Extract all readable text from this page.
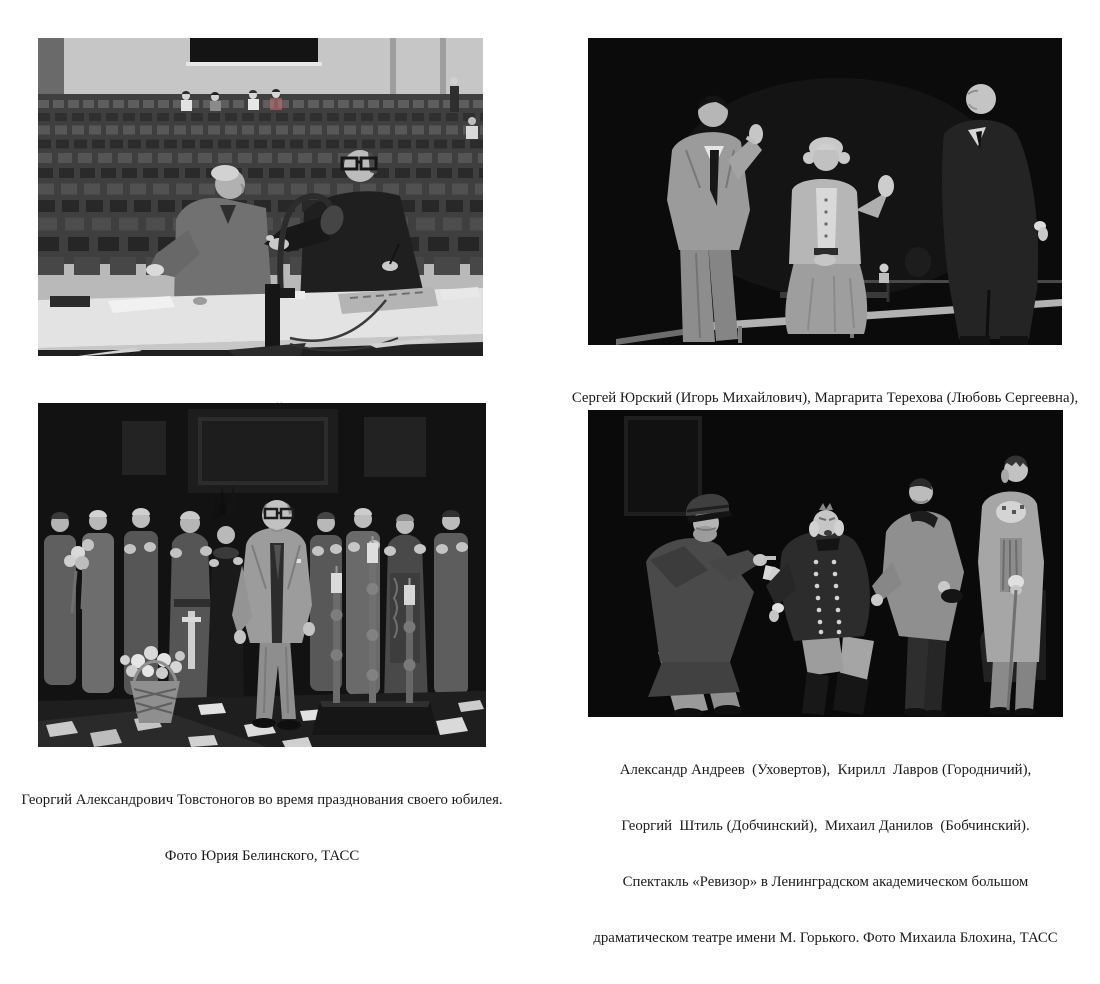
Сергей Юрский (Игорь Михайлович), Маргарита Терехова (Любовь Сергеевна),

Георгий Александрович Товстоногов во время празднования своего юбилея.

Фото Юрия Белинского, ТАСС

Александр Андреев  (Уховертов),  Кирилл  Лавров (Городничий),

Георгий  Штиль (Добчинский),  Михаил Данилов  (Бобчинский).

Спектакль «Ревизор» в Ленинградском академическом большом

драматическом театре имени М. Горького. Фото Михаила Блохина, ТАСС
